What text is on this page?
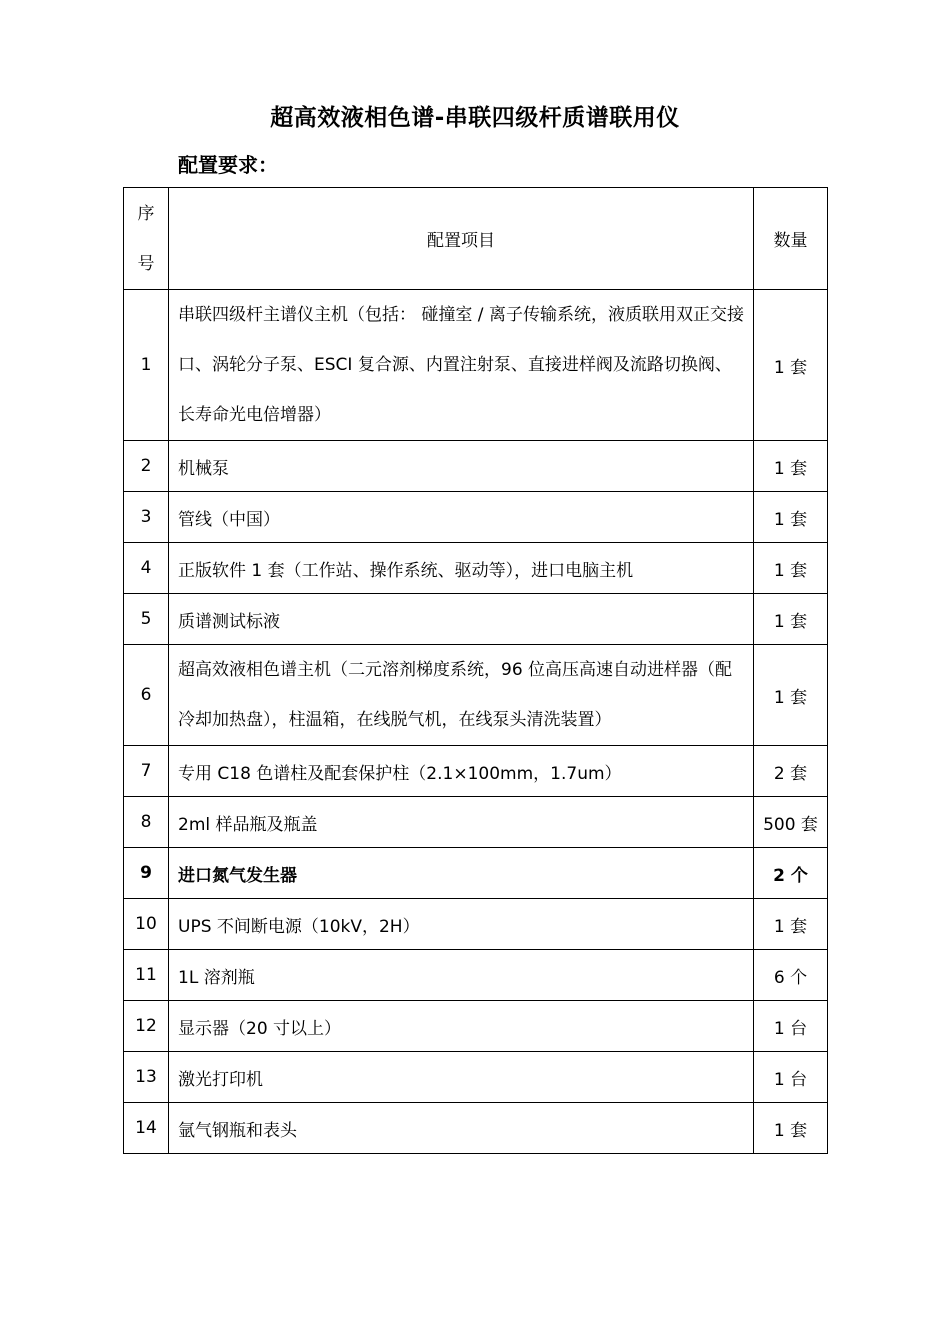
超高效液相色谱-串联四级杆质谱联用仪
配置要求：
序号	配置项目	数量
1	串联四级杆主谱仪主机（包括： 碰撞室 / 离子传输系统，液质联用双正交接口、涡轮分子泵、ESCI 复合源、内置注射泵、直接进样阀及流路切换阀、长寿命光电倍增器）	1 套
2	机械泵	1 套
3	管线（中国）	1 套
4	正版软件 1 套（工作站、操作系统、驱动等），进口电脑主机	1 套
5	质谱测试标液	1 套
6	超高效液相色谱主机（二元溶剂梯度系统，96 位高压高速自动进样器（配冷却加热盘），柱温箱，在线脱气机，在线泵头清洗装置）	1 套
7	专用 C18 色谱柱及配套保护柱（2.1×100mm，1.7um）	2 套
8	2ml 样品瓶及瓶盖	500 套
9	进口氮气发生器	2 个
10	UPS 不间断电源（10kV，2H）	1 套
11	1L 溶剂瓶	6 个
12	显示器（20 寸以上）	1 台
13	激光打印机	1 台
14	氩气钢瓶和表头	1 套
